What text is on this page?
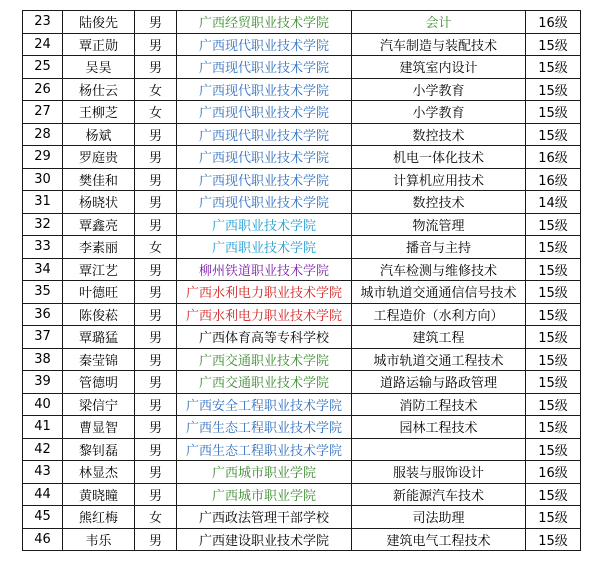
23	陆俊先	男	广西经贸职业技术学院	会计	16级
24	覃正勋	男	广西现代职业技术学院	汽车制造与装配技术	15级
25	吴昊	男	广西现代职业技术学院	建筑室内设计	15级
26	杨仕云	女	广西现代职业技术学院	小学教育	15级
27	王柳芝	女	广西现代职业技术学院	小学教育	15级
28	杨斌	男	广西现代职业技术学院	数控技术	15级
29	罗庭贵	男	广西现代职业技术学院	机电一体化技术	16级
30	樊佳和	男	广西现代职业技术学院	计算机应用技术	16级
31	杨晓状	男	广西现代职业技术学院	数控技术	14级
32	覃鑫亮	男	广西职业技术学院	物流管理	15级
33	李素丽	女	广西职业技术学院	播音与主持	15级
34	覃江艺	男	柳州铁道职业技术学院	汽车检测与维修技术	15级
35	叶德旺	男	广西水利电力职业技术学院	城市轨道交通通信信号技术	15级
36	陈俊菘	男	广西水利电力职业技术学院	工程造价（水利方向）	15级
37	覃璐猛	男	广西体育高等专科学校	建筑工程	15级
38	秦莹锦	男	广西交通职业技术学院	城市轨道交通工程技术	15级
39	管德明	男	广西交通职业技术学院	道路运输与路政管理	15级
40	梁信宁	男	广西安全工程职业技术学院	消防工程技术	15级
41	曹显智	男	广西生态工程职业技术学院	园林工程技术	15级
42	黎钊磊	男	广西生态工程职业技术学院		15级
43	林显杰	男	广西城市职业学院	服装与服饰设计	16级
44	黄晓瞳	男	广西城市职业学院	新能源汽车技术	15级
45	熊红梅	女	广西政法管理干部学校	司法助理	15级
46	韦乐	男	广西建设职业技术学院	建筑电气工程技术	15级
